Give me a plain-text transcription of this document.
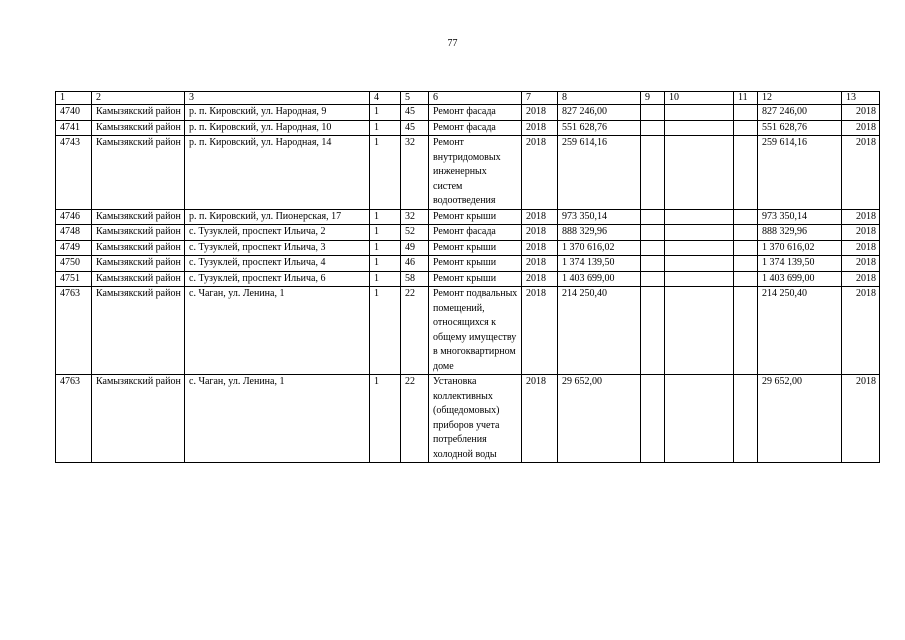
77
1	2	3	4	5	6	7	8	9	10	11	12	13
4740	Камызякский район	р. п. Кировский, ул. Народная, 9	1	45	Ремонт фасада	2018	827 246,00				827 246,00	2018
4741	Камызякский район	р. п. Кировский, ул. Народная, 10	1	45	Ремонт фасада	2018	551 628,76				551 628,76	2018
4743	Камызякский район	р. п. Кировский, ул. Народная, 14	1	32	Ремонт внутридомовых инженерных систем водоотведения	2018	259 614,16				259 614,16	2018
4746	Камызякский район	р. п. Кировский, ул. Пионерская, 17	1	32	Ремонт крыши	2018	973 350,14				973 350,14	2018
4748	Камызякский район	с. Тузуклей, проспект Ильича, 2	1	52	Ремонт фасада	2018	888 329,96				888 329,96	2018
4749	Камызякский район	с. Тузуклей, проспект Ильича, 3	1	49	Ремонт крыши	2018	1 370 616,02				1 370 616,02	2018
4750	Камызякский район	с. Тузуклей, проспект Ильича, 4	1	46	Ремонт крыши	2018	1 374 139,50				1 374 139,50	2018
4751	Камызякский район	с. Тузуклей, проспект Ильича, 6	1	58	Ремонт крыши	2018	1 403 699,00				1 403 699,00	2018
4763	Камызякский район	с. Чаган, ул. Ленина, 1	1	22	Ремонт подвальных помещений, относящихся к общему имуществу в многоквартирном доме	2018	214 250,40				214 250,40	2018
4763	Камызякский район	с. Чаган, ул. Ленина, 1	1	22	Установка коллективных (общедомовых) приборов учета потребления холодной воды	2018	29 652,00				29 652,00	2018
